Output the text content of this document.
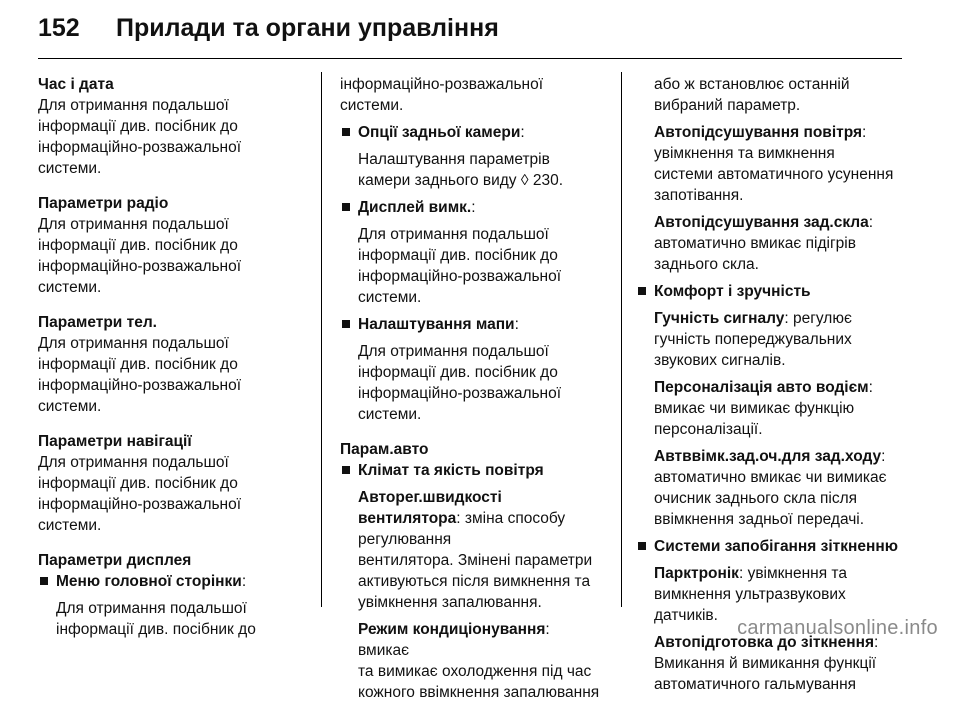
152	Прилади та органи управління
Час і дата
Для отримання подальшої
інформації див. посібник до
інформаційно-розважальної
системи.
Параметри радіо
Для отримання подальшої
інформації див. посібник до
інформаційно-розважальної
системи.
Параметри тел.
Для отримання подальшої
інформації див. посібник до
інформаційно-розважальної
системи.
Параметри навігації
Для отримання подальшої
інформації див. посібник до
інформаційно-розважальної
системи.
Параметри дисплея
Меню головної сторінки:
Для отримання подальшої
інформації див. посібник до
інформаційно-розважальної
системи.
Опції задньої камери:
Налаштування параметрів
камери заднього виду ◊ 230.
Дисплей вимк.:
Для отримання подальшої
інформації див. посібник до
інформаційно-розважальної
системи.
Налаштування мапи:
Для отримання подальшої
інформації див. посібник до
інформаційно-розважальної
системи.
Парам.авто
Клімат та якість повітря
Авторег.швидкості вентилятора: зміна способу регулювання
вентилятора. Змінені параметри
активуються після вимкнення та
увімкнення запалювання.
Режим кондиціонування: вмикає
та вимикає охолодження під час
кожного ввімкнення запалювання
або ж встановлює останній
вибраний параметр.
Автопідсушування повітря:
увімкнення та вимкнення
системи автоматичного усунення
запотівання.
Автопідсушування зад.скла:
автоматично вмикає підігрів
заднього скла.
Комфорт і зручність
Гучність сигналу: регулює
гучність попереджувальних
звукових сигналів.
Персоналізація авто водієм:
вмикає чи вимикає функцію
персоналізації.
Автввімк.зад.оч.для зад.ходу:
автоматично вмикає чи вимикає
очисник заднього скла після
ввімкнення задньої передачі.
Системи запобігання зіткненню
Парктронік: увімкнення та
вимкнення ультразвукових
датчиків.
Автопідготовка до зіткнення:
Вмикання й вимикання функції
автоматичного гальмування
carmanualsonline.info
